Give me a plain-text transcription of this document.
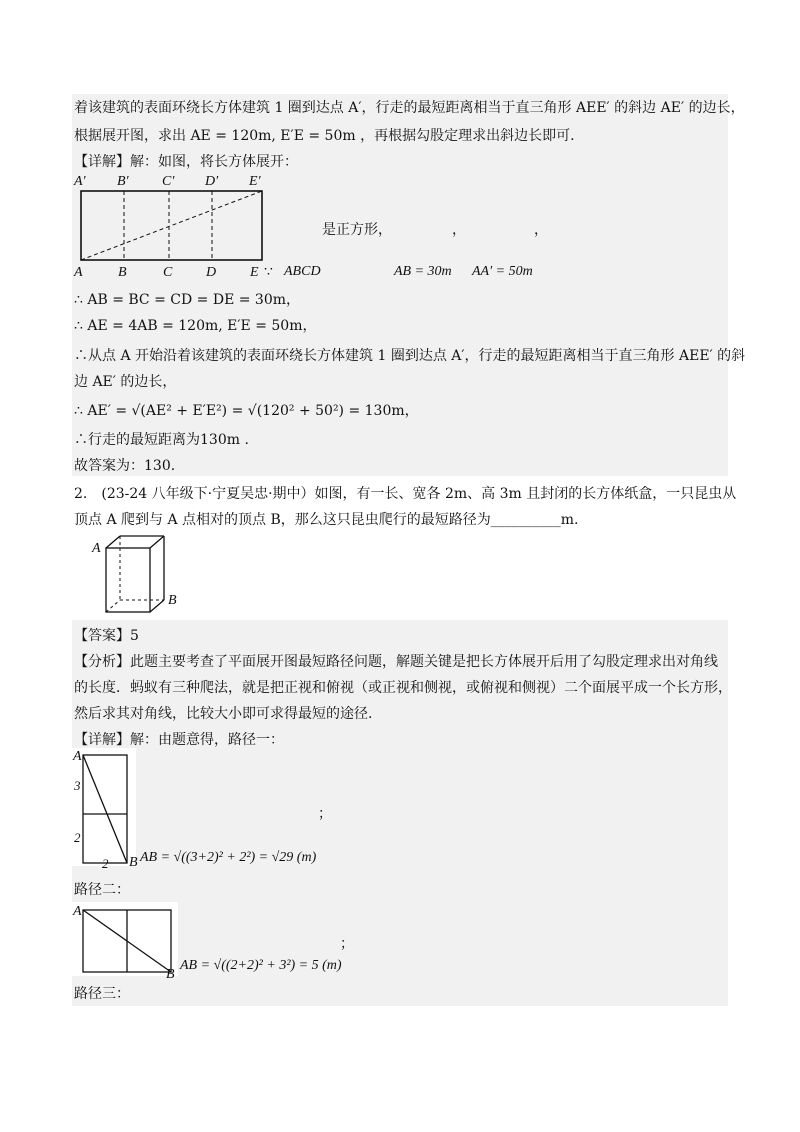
着该建筑的表面环绕长方体建筑 1 圈到达点 A′，行走的最短距离相当于直三角形 AEE′ 的斜边 AE′ 的边长，
根据展开图，求出 AE = 120m, E′E = 50m ，再根据勾股定理求出斜边长即可.
【详解】解：如图，将长方体展开：
A′ B′ C′ D′ E′
A	B	C D E
是正方形，	，	，
∵ ABCD	AB = 30m AA′ = 50m
∴ AB = BC = CD = DE = 30m，
∴ AE = 4AB = 120m, E′E = 50m，
∴从点 A 开始沿着该建筑的表面环绕长方体建筑 1 圈到达点 A′，行走的最短距离相当于直三角形 AEE′ 的斜
边 AE′ 的边长，
∴ AE′ = √(AE² + E′E²) = √(120² + 50²) = 130m，
∴行走的最短距离为130m .
故答案为：130.
2.　(23-24 八年级下·宁夏吴忠·期中）如图，有一长、宽各 2m、高 3m 且封闭的长方体纸盒，一只昆虫从
顶点 A 爬到与 A 点相对的顶点 B，那么这只昆虫爬行的最短路径为__________m.
A
B
【答案】5
【分析】此题主要考查了平面展开图最短路径问题，解题关键是把长方体展开后用了勾股定理求出对角线
的长度．蚂蚁有三种爬法，就是把正视和俯视（或正视和侧视，或俯视和侧视）二个面展平成一个长方形，
然后求其对角线，比较大小即可求得最短的途径.
【详解】解：由题意得，路径一：
A
3
2
2 B AB = √((3+2)² + 2²) = √29 (m)
；
路径二：
A
B
AB = √((2+2)² + 3²) = 5 (m)
；
路径三：
